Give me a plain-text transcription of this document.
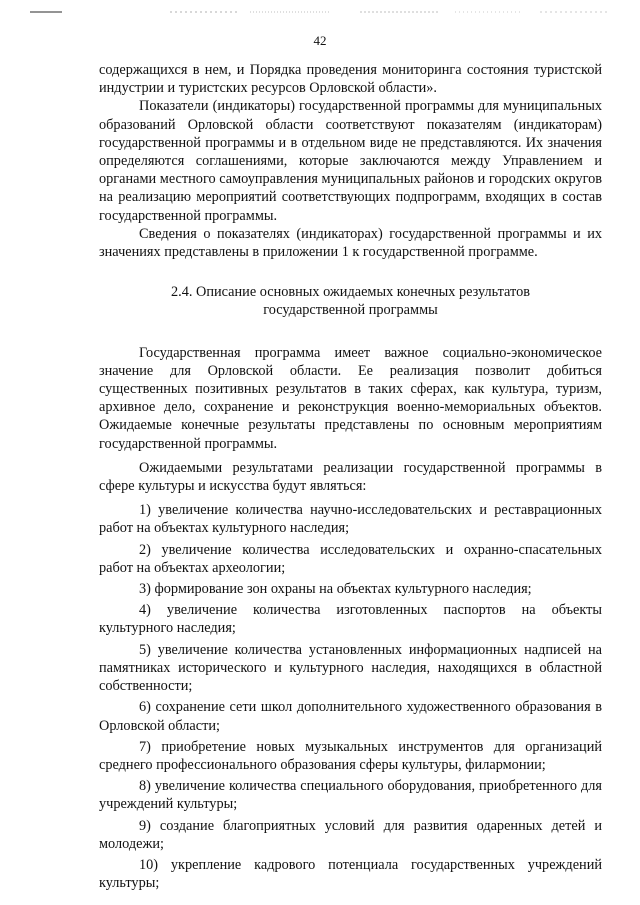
42

содержащихся в нем, и Порядка проведения мониторинга состояния туристской индустрии и туристских ресурсов Орловской области».

Показатели (индикаторы) государственной программы для муниципальных образований Орловской области соответствуют показателям (индикаторам) государственной программы и в отдельном виде не представляются. Их значения определяются соглашениями, которые заключаются между Управлением и органами местного самоуправления муниципальных районов и городских округов на реализацию мероприятий соответствующих подпрограмм, входящих в состав государственной программы.

Сведения о показателях (индикаторах) государственной программы и их значениях представлены в приложении 1 к государственной программе.

2.4. Описание основных ожидаемых конечных результатов
государственной программы

Государственная программа имеет важное социально-экономическое значение для Орловской области. Ее реализация позволит добиться существенных позитивных результатов в таких сферах, как культура, туризм, архивное дело, сохранение и реконструкция военно-мемориальных объектов. Ожидаемые конечные результаты представлены по основным мероприятиям государственной программы.

Ожидаемыми результатами реализации государственной программы в сфере культуры и искусства будут являться:

1) увеличение количества научно-исследовательских и реставрационных работ на объектах культурного наследия;

2) увеличение количества исследовательских и охранно-спасательных работ на объектах археологии;

3) формирование зон охраны на объектах культурного наследия;

4) увеличение количества изготовленных паспортов на объекты культурного наследия;

5) увеличение количества установленных информационных надписей на памятниках исторического и культурного наследия, находящихся в областной собственности;

6) сохранение сети школ дополнительного художественного образования в Орловской области;

7) приобретение новых музыкальных инструментов для организаций среднего профессионального образования сферы культуры, филармонии;

8) увеличение количества специального оборудования, приобретенного для учреждений культуры;

9) создание благоприятных условий для развития одаренных детей и молодежи;

10) укрепление кадрового потенциала государственных учреждений культуры;
